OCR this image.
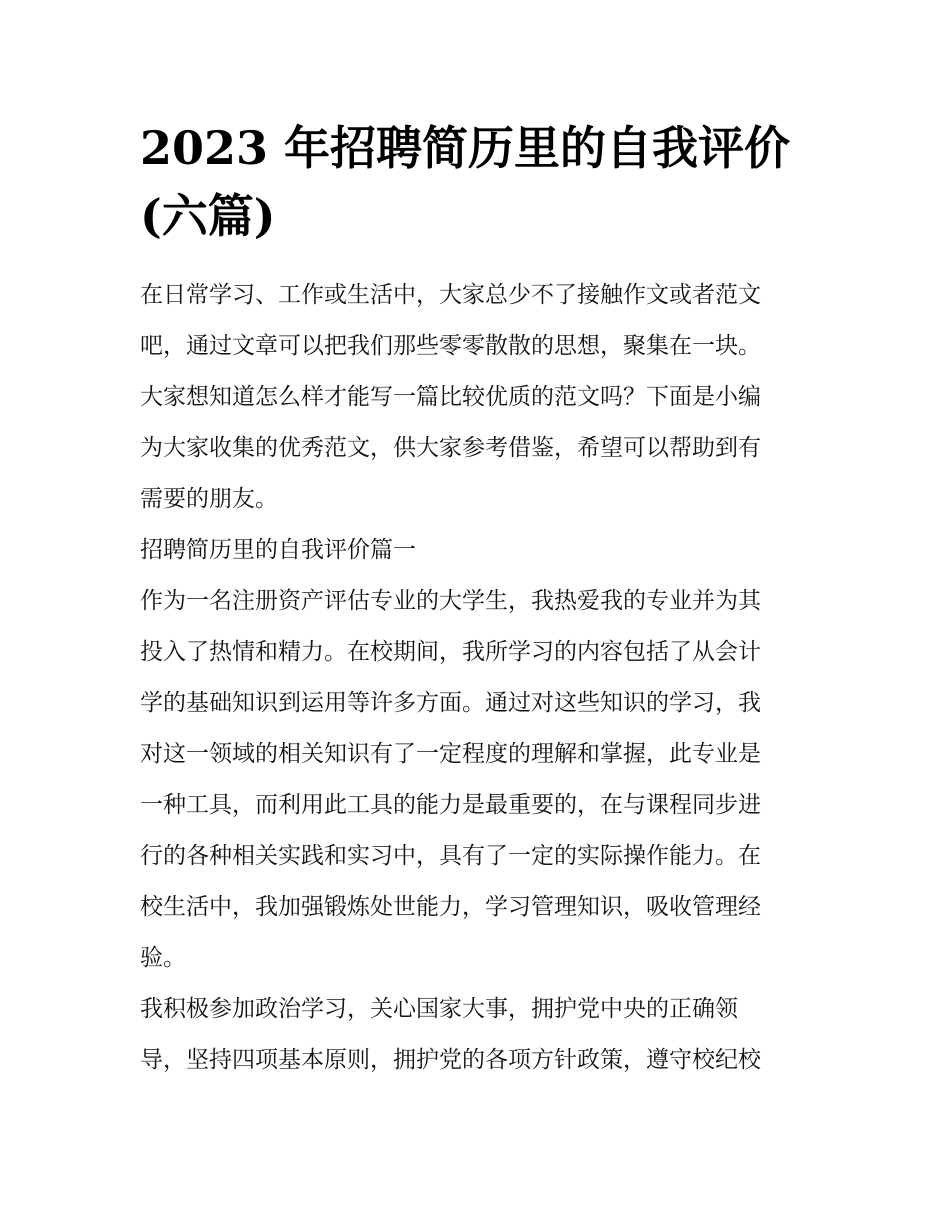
2023 年招聘简历里的自我评价
(六篇)
在日常学习、工作或生活中，大家总少不了接触作文或者范文
吧，通过文章可以把我们那些零零散散的思想，聚集在一块。
大家想知道怎么样才能写一篇比较优质的范文吗？下面是小编
为大家收集的优秀范文，供大家参考借鉴，希望可以帮助到有
需要的朋友。
招聘简历里的自我评价篇一
作为一名注册资产评估专业的大学生，我热爱我的专业并为其
投入了热情和精力。在校期间，我所学习的内容包括了从会计
学的基础知识到运用等许多方面。通过对这些知识的学习，我
对这一领域的相关知识有了一定程度的理解和掌握，此专业是
一种工具，而利用此工具的能力是最重要的，在与课程同步进
行的各种相关实践和实习中，具有了一定的实际操作能力。在
校生活中，我加强锻炼处世能力，学习管理知识，吸收管理经
验。
我积极参加政治学习，关心国家大事，拥护党中央的正确领
导，坚持四项基本原则，拥护党的各项方针政策，遵守校纪校
